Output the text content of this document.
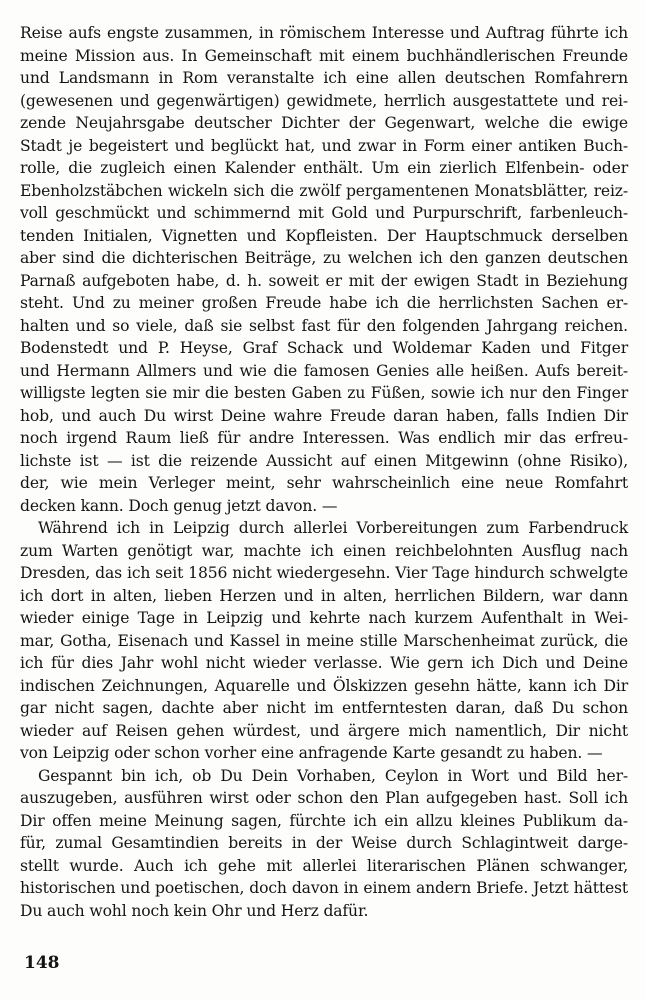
Reise aufs engste zusammen, in römischem Interesse und Auftrag führte ich
meine Mission aus. In Gemeinschaft mit einem buchhändlerischen Freunde
und Landsmann in Rom veranstalte ich eine allen deutschen Romfahrern
(gewesenen und gegenwärtigen) gewidmete, herrlich ausgestattete und rei-
zende Neujahrsgabe deutscher Dichter der Gegenwart, welche die ewige
Stadt je begeistert und beglückt hat, und zwar in Form einer antiken Buch-
rolle, die zugleich einen Kalender enthält. Um ein zierlich Elfenbein- oder
Ebenholzstäbchen wickeln sich die zwölf pergamentenen Monatsblätter, reiz-
voll geschmückt und schimmernd mit Gold und Purpurschrift, farbenleuch-
tenden Initialen, Vignetten und Kopfleisten. Der Hauptschmuck derselben
aber sind die dichterischen Beiträge, zu welchen ich den ganzen deutschen
Parnaß aufgeboten habe, d. h. soweit er mit der ewigen Stadt in Beziehung
steht. Und zu meiner großen Freude habe ich die herrlichsten Sachen er-
halten und so viele, daß sie selbst fast für den folgenden Jahrgang reichen.
Bodenstedt und P. Heyse, Graf Schack und Woldemar Kaden und Fitger
und Hermann Allmers und wie die famosen Genies alle heißen. Aufs bereit-
willigste legten sie mir die besten Gaben zu Füßen, sowie ich nur den Finger
hob, und auch Du wirst Deine wahre Freude daran haben, falls Indien Dir
noch irgend Raum ließ für andre Interessen. Was endlich mir das erfreu-
lichste ist — ist die reizende Aussicht auf einen Mitgewinn (ohne Risiko),
der, wie mein Verleger meint, sehr wahrscheinlich eine neue Romfahrt
decken kann. Doch genug jetzt davon. —
Während ich in Leipzig durch allerlei Vorbereitungen zum Farbendruck
zum Warten genötigt war, machte ich einen reichbelohnten Ausflug nach
Dresden, das ich seit 1856 nicht wiedergesehn. Vier Tage hindurch schwelgte
ich dort in alten, lieben Herzen und in alten, herrlichen Bildern, war dann
wieder einige Tage in Leipzig und kehrte nach kurzem Aufenthalt in Wei-
mar, Gotha, Eisenach und Kassel in meine stille Marschenheimat zurück, die
ich für dies Jahr wohl nicht wieder verlasse. Wie gern ich Dich und Deine
indischen Zeichnungen, Aquarelle und Ölskizzen gesehn hätte, kann ich Dir
gar nicht sagen, dachte aber nicht im entferntesten daran, daß Du schon
wieder auf Reisen gehen würdest, und ärgere mich namentlich, Dir nicht
von Leipzig oder schon vorher eine anfragende Karte gesandt zu haben. —
Gespannt bin ich, ob Du Dein Vorhaben, Ceylon in Wort und Bild her-
auszugeben, ausführen wirst oder schon den Plan aufgegeben hast. Soll ich
Dir offen meine Meinung sagen, fürchte ich ein allzu kleines Publikum da-
für, zumal Gesamtindien bereits in der Weise durch Schlagintweit darge-
stellt wurde. Auch ich gehe mit allerlei literarischen Plänen schwanger,
historischen und poetischen, doch davon in einem andern Briefe. Jetzt hättest
Du auch wohl noch kein Ohr und Herz dafür.
148
